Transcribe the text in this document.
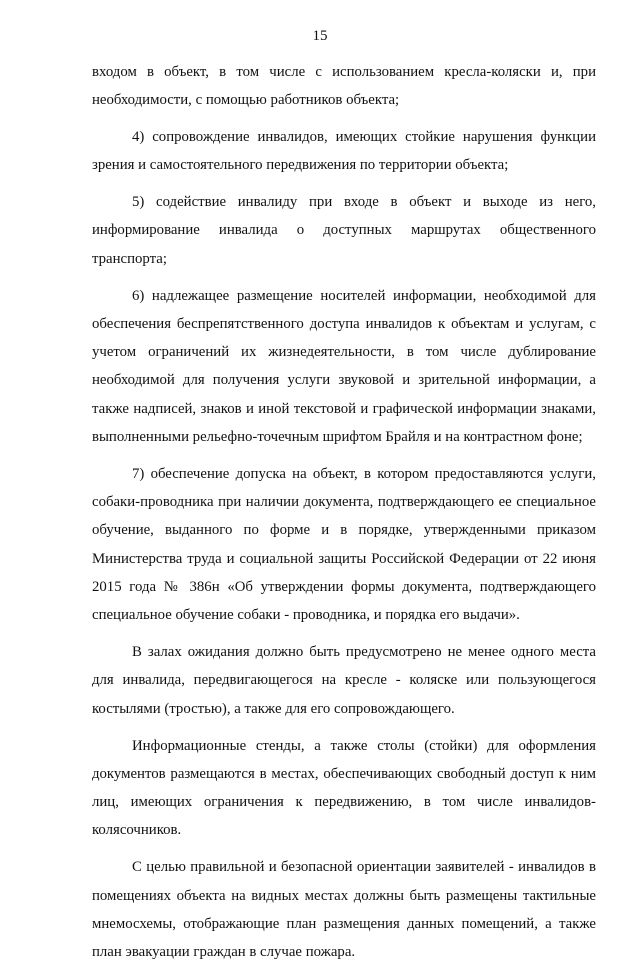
15

входом в объект, в том числе с использованием кресла-коляски и, при необходимости, с помощью работников объекта;

4) сопровождение инвалидов, имеющих стойкие нарушения функции зрения и самостоятельного передвижения по территории объекта;

5) содействие инвалиду при входе в объект и выходе из него, информирование инвалида о доступных маршрутах общественного транспорта;

6) надлежащее размещение носителей информации, необходимой для обеспечения беспрепятственного доступа инвалидов к объектам и услугам, с учетом ограничений их жизнедеятельности, в том числе дублирование необходимой для получения услуги звуковой и зрительной информации, а также надписей, знаков и иной текстовой и графической информации знаками, выполненными рельефно-точечным шрифтом Брайля и на контрастном фоне;

7) обеспечение допуска на объект, в котором предоставляются услуги, собаки-проводника при наличии документа, подтверждающего ее специальное обучение, выданного по форме и в порядке, утвержденными приказом Министерства труда и социальной защиты Российской Федерации от 22 июня 2015 года № 386н «Об утверждении формы документа, подтверждающего специальное обучение собаки - проводника, и порядка его выдачи».

В залах ожидания должно быть предусмотрено не менее одного места для инвалида, передвигающегося на кресле - коляске или пользующегося костылями (тростью), а также для его сопровождающего.

Информационные стенды, а также столы (стойки) для оформления документов размещаются в местах, обеспечивающих свободный доступ к ним лиц, имеющих ограничения к передвижению, в том числе инвалидов-колясочников.

С целью правильной и безопасной ориентации заявителей - инвалидов в помещениях объекта на видных местах должны быть размещены тактильные мнемосхемы, отображающие план размещения данных помещений, а также план эвакуации граждан в случае пожара.
